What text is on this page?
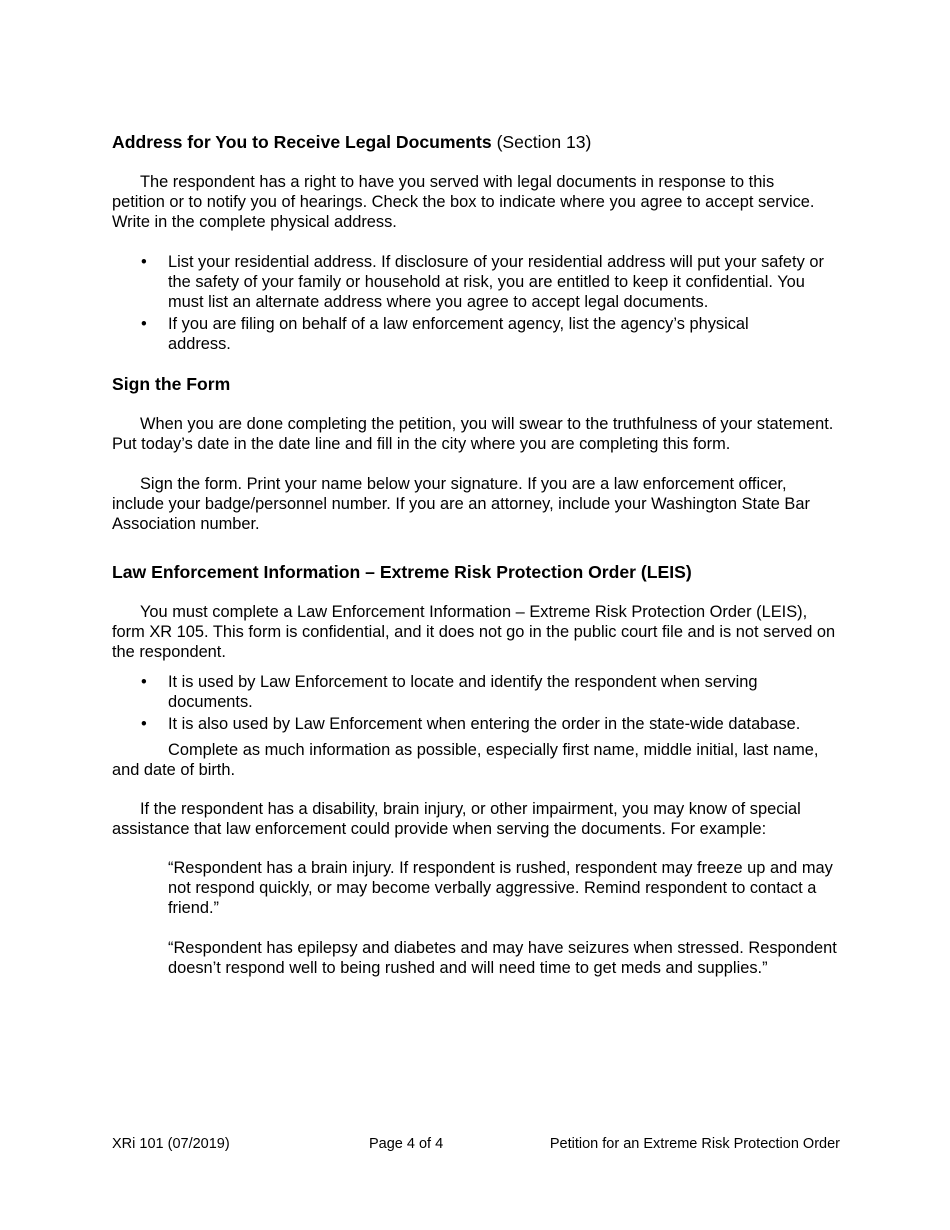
Address for You to Receive Legal Documents (Section 13)

The respondent has a right to have you served with legal documents in response to this petition or to notify you of hearings. Check the box to indicate where you agree to accept service. Write in the complete physical address.

• List your residential address. If disclosure of your residential address will put your safety or the safety of your family or household at risk, you are entitled to keep it confidential. You must list an alternate address where you agree to accept legal documents.
• If you are filing on behalf of a law enforcement agency, list the agency’s physical address.
Sign the Form

When you are done completing the petition, you will swear to the truthfulness of your statement. Put today’s date in the date line and fill in the city where you are completing this form.

Sign the form. Print your name below your signature. If you are a law enforcement officer, include your badge/personnel number. If you are an attorney, include your Washington State Bar Association number.

Law Enforcement Information – Extreme Risk Protection Order (LEIS)

You must complete a Law Enforcement Information – Extreme Risk Protection Order (LEIS), form XR 105. This form is confidential, and it does not go in the public court file and is not served on the respondent.

• It is used by Law Enforcement to locate and identify the respondent when serving documents.
• It is also used by Law Enforcement when entering the order in the state-wide database.

Complete as much information as possible, especially first name, middle initial, last name, and date of birth.

If the respondent has a disability, brain injury, or other impairment, you may know of special assistance that law enforcement could provide when serving the documents. For example:

“Respondent has a brain injury. If respondent is rushed, respondent may freeze up and may not respond quickly, or may become verbally aggressive. Remind respondent to contact a friend.”

“Respondent has epilepsy and diabetes and may have seizures when stressed. Respondent doesn’t respond well to being rushed and will need time to get meds and supplies.”

XRi 101 (07/2019)	Page 4 of 4	Petition for an Extreme Risk Protection Order
